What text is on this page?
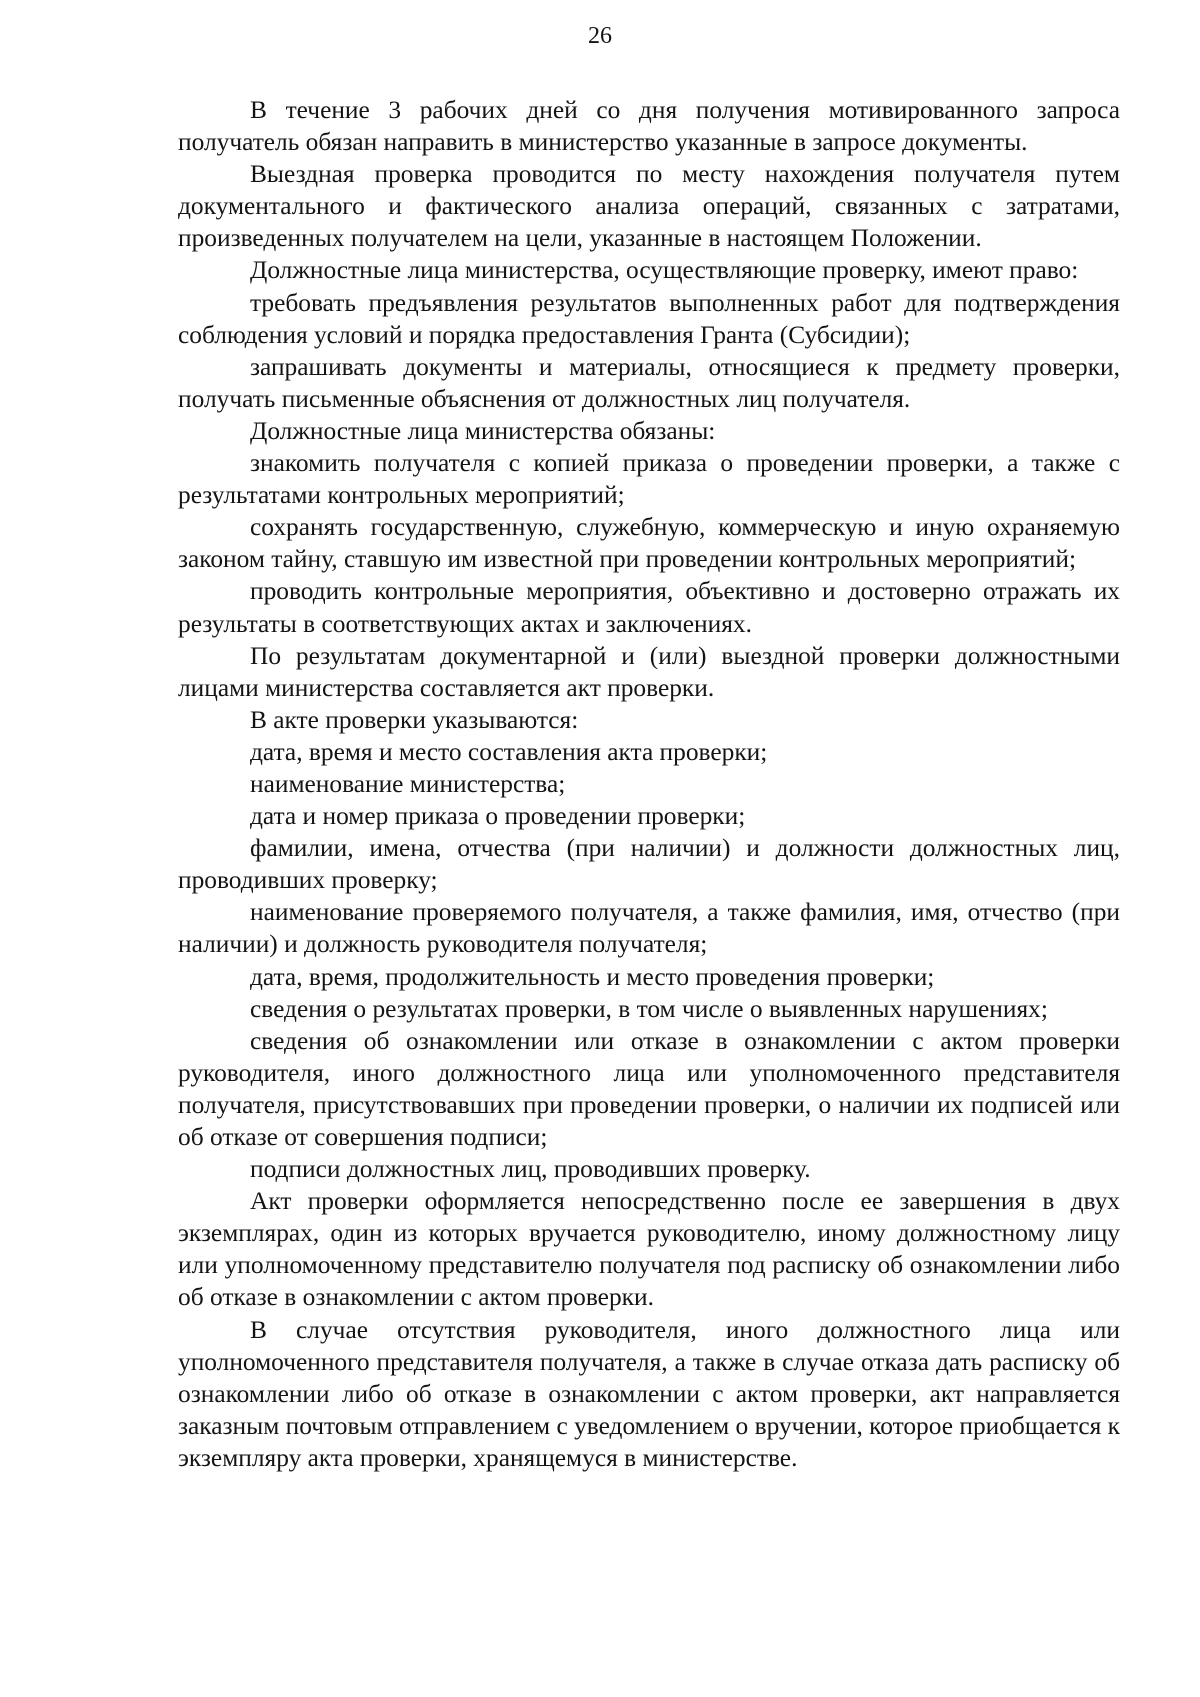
26

В течение 3 рабочих дней со дня получения мотивированного запроса получатель обязан направить в министерство указанные в запросе документы.

Выездная проверка проводится по месту нахождения получателя путем документального и фактического анализа операций, связанных с затратами, произведенных получателем на цели, указанные в настоящем Положении.

Должностные лица министерства, осуществляющие проверку, имеют право:

требовать предъявления результатов выполненных работ для подтверждения соблюдения условий и порядка предоставления Гранта (Субсидии);

запрашивать документы и материалы, относящиеся к предмету проверки, получать письменные объяснения от должностных лиц получателя.

Должностные лица министерства обязаны:

знакомить получателя с копией приказа о проведении проверки, а также с результатами контрольных мероприятий;

сохранять государственную, служебную, коммерческую и иную охраняемую законом тайну, ставшую им известной при проведении контрольных мероприятий;

проводить контрольные мероприятия, объективно и достоверно отражать их результаты в соответствующих актах и заключениях.

По результатам документарной и (или) выездной проверки должностными лицами министерства составляется акт проверки.

В акте проверки указываются:

дата, время и место составления акта проверки;

наименование министерства;

дата и номер приказа о проведении проверки;

фамилии, имена, отчества (при наличии) и должности должностных лиц, проводивших проверку;

наименование проверяемого получателя, а также фамилия, имя, отчество (при наличии) и должность руководителя получателя;

дата, время, продолжительность и место проведения проверки;

сведения о результатах проверки, в том числе о выявленных нарушениях;

сведения об ознакомлении или отказе в ознакомлении с актом проверки руководителя, иного должностного лица или уполномоченного представителя получателя, присутствовавших при проведении проверки, о наличии их подписей или об отказе от совершения подписи;

подписи должностных лиц, проводивших проверку.

Акт проверки оформляется непосредственно после ее завершения в двух экземплярах, один из которых вручается руководителю, иному должностному лицу или уполномоченному представителю получателя под расписку об ознакомлении либо об отказе в ознакомлении с актом проверки.

В случае отсутствия руководителя, иного должностного лица или уполномоченного представителя получателя, а также в случае отказа дать расписку об ознакомлении либо об отказе в ознакомлении с актом проверки, акт направляется заказным почтовым отправлением с уведомлением о вручении, которое приобщается к экземпляру акта проверки, хранящемуся в министерстве.
